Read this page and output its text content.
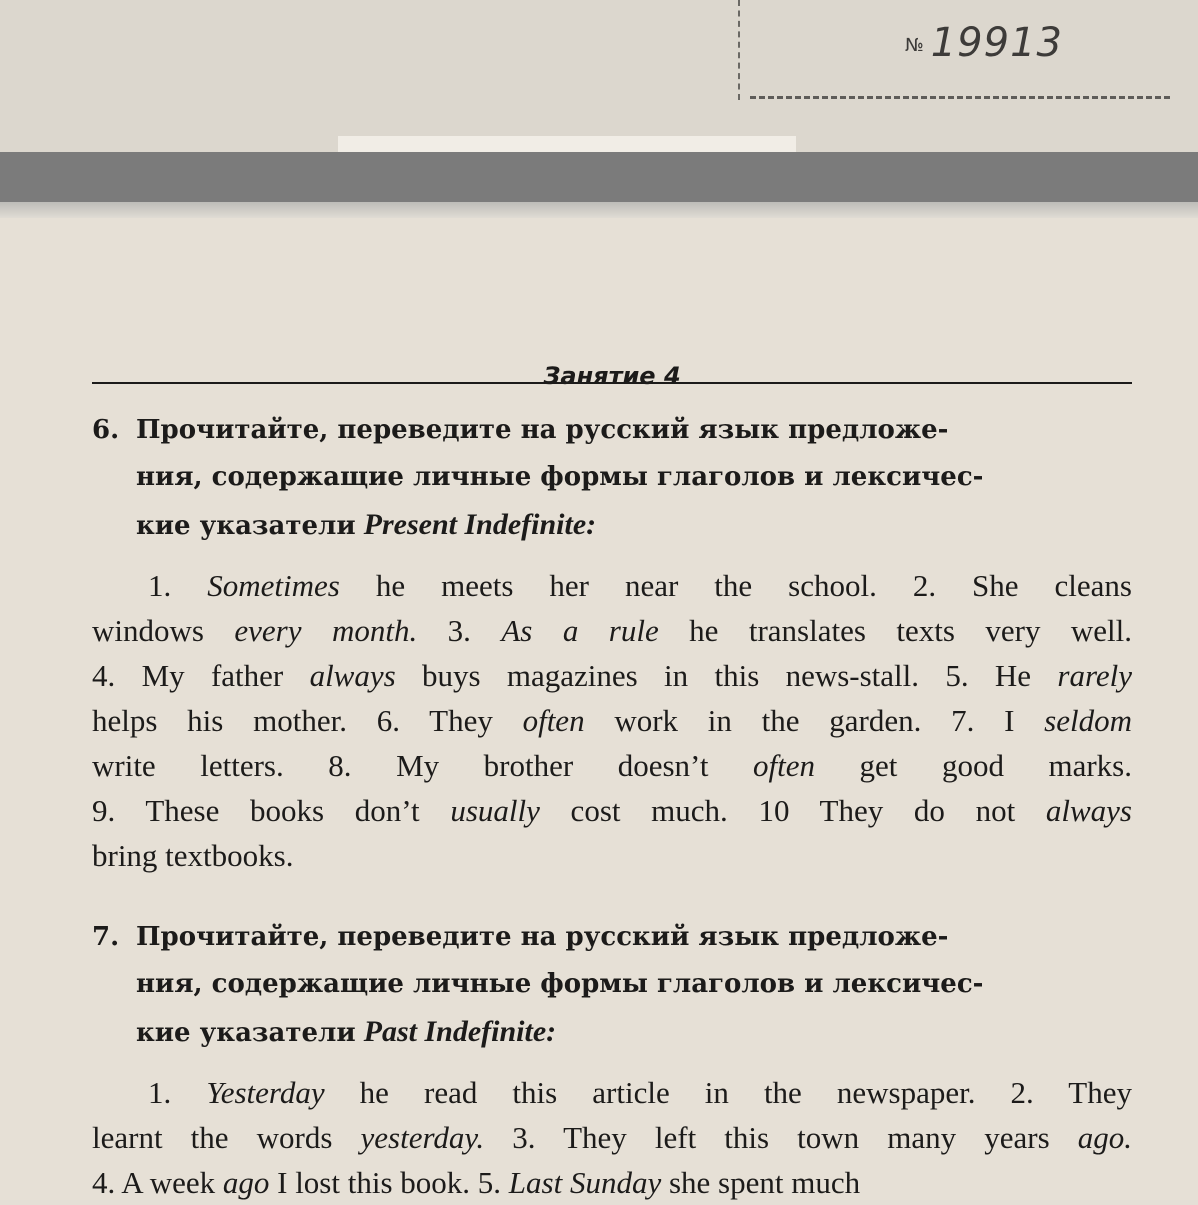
№ 19913
Занятие 4
6. Прочитайте, переведите на русский язык предложе-
ния, содержащие личные формы глаголов и лексичес-
кие указатели Present Indefinite:
1. Sometimes he meets her near the school. 2. She cleans
windows every month. 3. As a rule he translates texts very well.
4. My father always buys magazines in this news-stall. 5. He rarely
helps his mother. 6. They often work in the garden. 7. I seldom
write letters. 8. My brother doesn’t often get good marks.
9. These books don’t usually cost much. 10 They do not always
bring textbooks.
7. Прочитайте, переведите на русский язык предложе-
ния, содержащие личные формы глаголов и лексичес-
кие указатели Past Indefinite:
1. Yesterday he read this article in the newspaper. 2. They
learnt the words yesterday. 3. They left this town many years ago.
4. A week ago I lost this book. 5. Last Sunday she spent much
